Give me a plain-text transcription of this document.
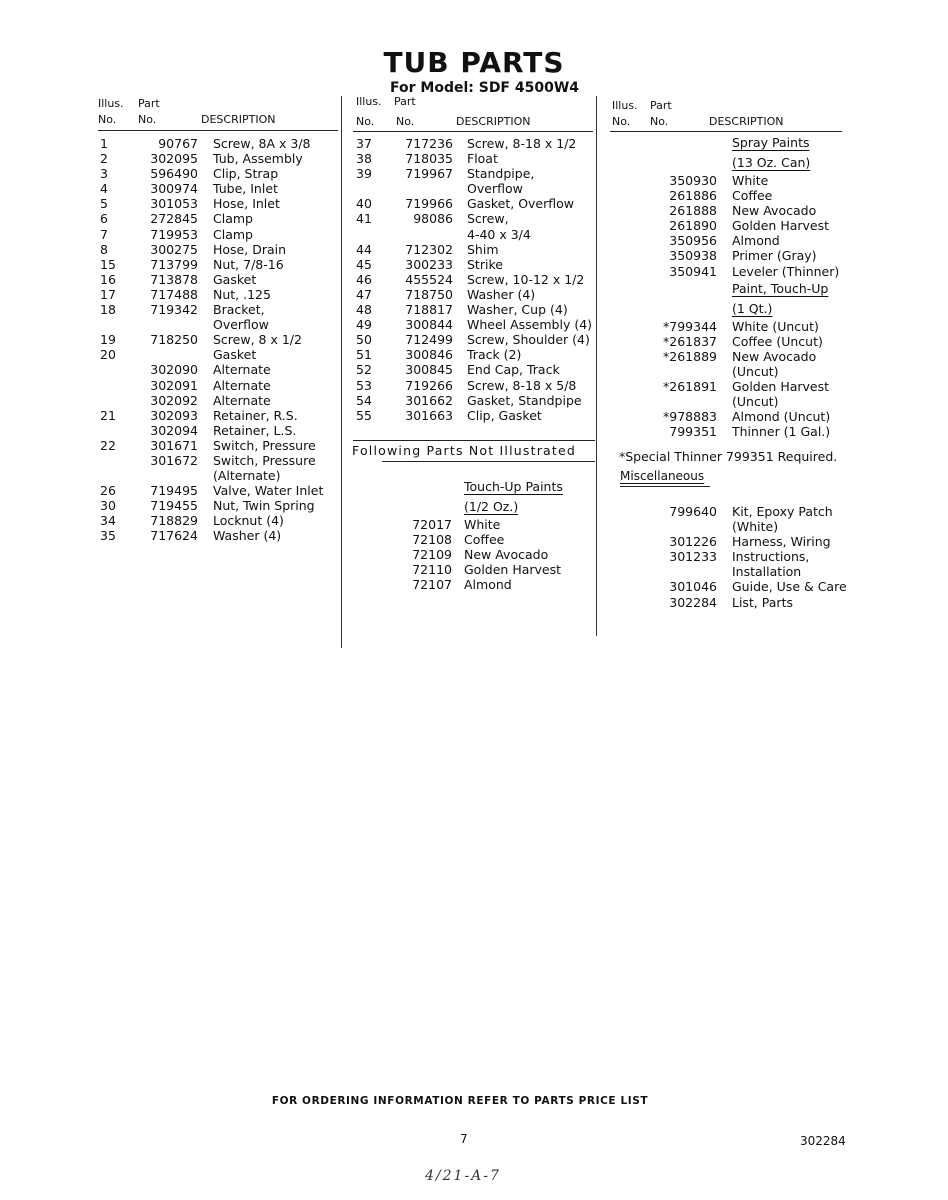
TUB PARTS
For Model: SDF 4500W4
Illus. Part
No. No.	DESCRIPTION
Illus. Part
No. No.	DESCRIPTION
Illus. Part
No. No.	DESCRIPTION
1	90767 Screw, 8A x 3/8
2	302095 Tub, Assembly
3	596490 Clip, Strap
4	300974 Tube, Inlet
5	301053 Hose, Inlet
6	272845 Clamp
7	719953 Clamp
8	300275 Hose, Drain
15	713799 Nut, 7/8-16
16	713878 Gasket
17	717488 Nut, .125
18	719342 Bracket,
Overflow
19	718250 Screw, 8 x 1/2
20	Gasket
302090 Alternate
302091 Alternate
302092 Alternate
21	302093 Retainer, R.S.
302094 Retainer, L.S.
22	301671 Switch, Pressure
301672 Switch, Pressure
(Alternate)
26	719495 Valve, Water Inlet
30	719455 Nut, Twin Spring
34	718829 Locknut (4)
35	717624 Washer (4)
37	717236 Screw, 8-18 x 1/2
38	718035 Float
39	719967 Standpipe,
Overflow
40	719966 Gasket, Overflow
41	98086 Screw,
4-40 x 3/4
44	712302 Shim
45	300233 Strike
46	455524 Screw, 10-12 x 1/2
47	718750 Washer (4)
48	718817 Washer, Cup (4)
49	300844 Wheel Assembly (4)
50	712499 Screw, Shoulder (4)
51	300846 Track (2)
52	300845 End Cap, Track
53	719266 Screw, 8-18 x 5/8
54	301662 Gasket, Standpipe
55	301663 Clip, Gasket
Following Parts Not Illustrated
Touch-Up Paints
(1/2 Oz.)
72017 White
72108 Coffee
72109 New Avocado
72110 Golden Harvest
72107 Almond
Spray Paints
(13 Oz. Can)
350930 White
261886 Coffee
261888 New Avocado
261890 Golden Harvest
350956 Almond
350938 Primer (Gray)
350941 Leveler (Thinner)
Paint, Touch-Up
(1 Qt.)
*799344 White (Uncut)
*261837 Coffee (Uncut)
*261889 New Avocado
(Uncut)
*261891 Golden Harvest
(Uncut)
*978883 Almond (Uncut)
799351 Thinner (1 Gal.)
*Special Thinner 799351 Required.
Miscellaneous
799640 Kit, Epoxy Patch
(White)
301226 Harness, Wiring
301233 Instructions,
Installation
301046 Guide, Use & Care
302284 List, Parts
FOR ORDERING INFORMATION REFER TO PARTS PRICE LIST
7	302284
4/21-A-7
